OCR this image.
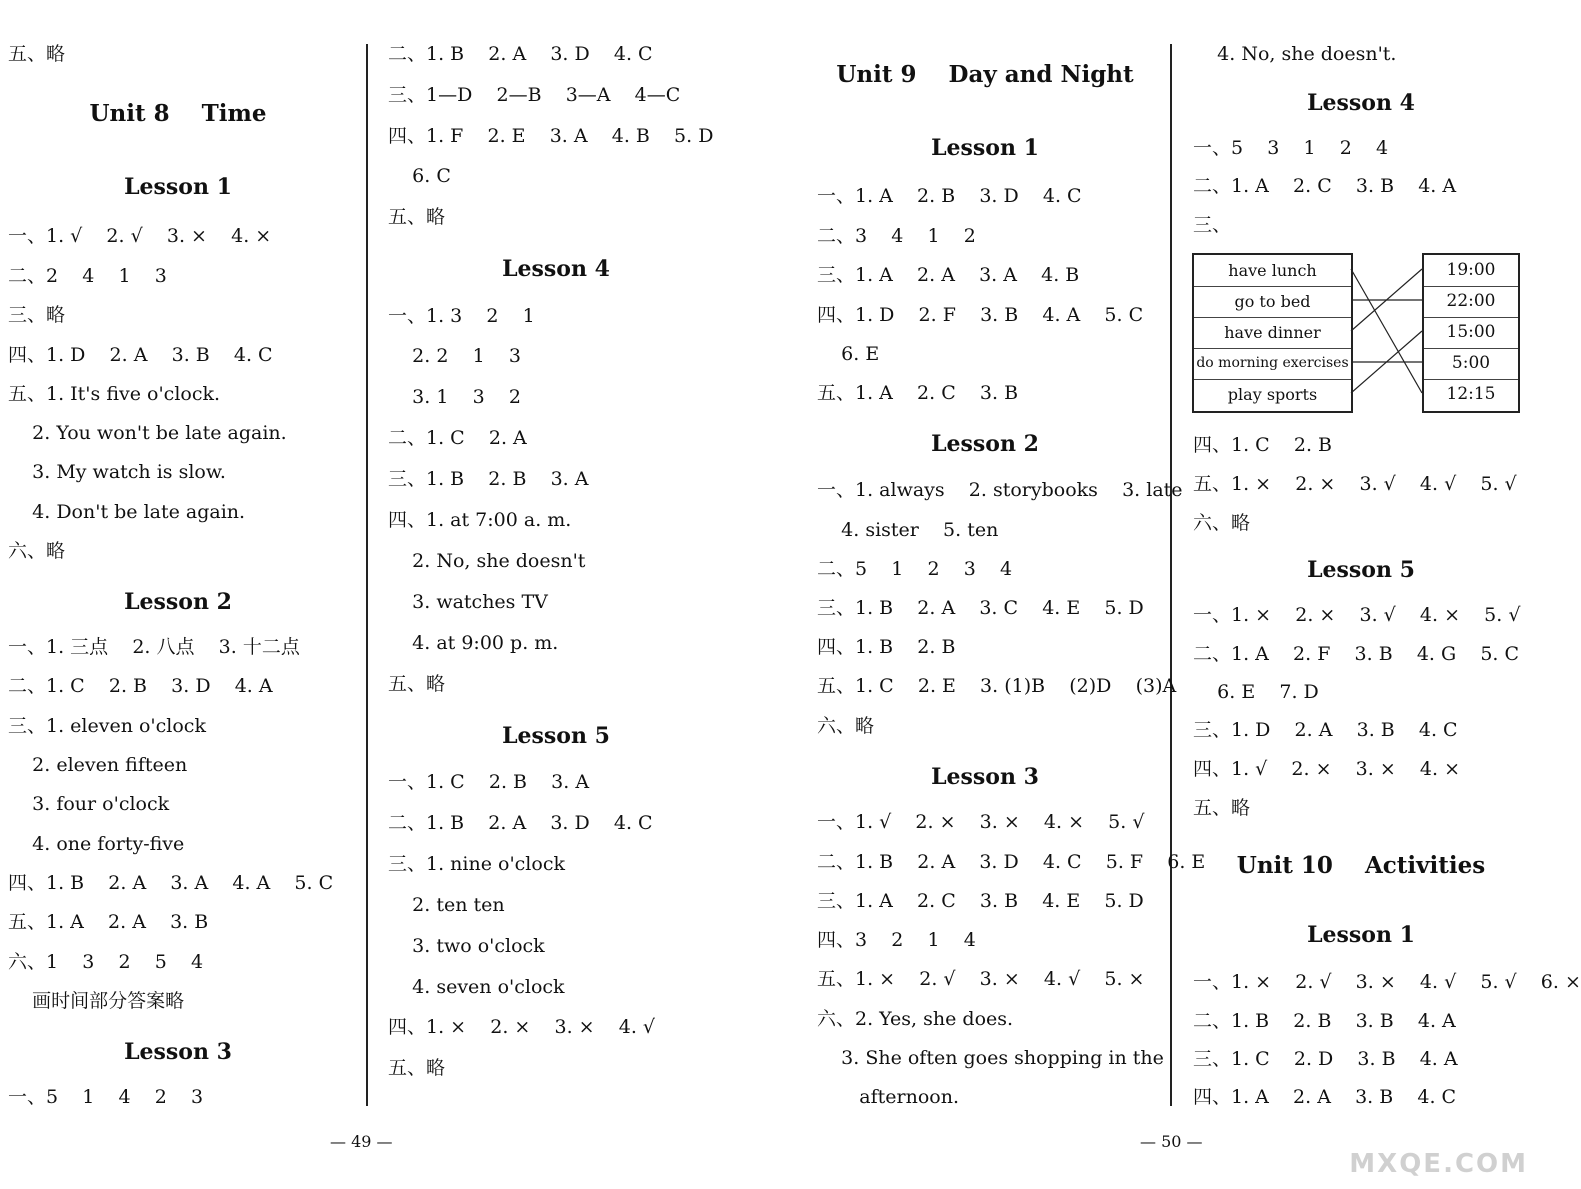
— 49 —	— 50 —
have lunch
go to bed
have dinner
do morning exercises
play sports
19:00
22:00
15:00
5:00
12:15
MXQE.COM
五、略
Unit 8    Time
Lesson 1
一、1. √    2. √    3. ×    4. ×
二、2    4    1    3
三、略
四、1. D    2. A    3. B    4. C
五、1. It's five o'clock.
2. You won't be late again.
3. My watch is slow.
4. Don't be late again.
六、略
Lesson 2
一、1. 三点    2. 八点    3. 十二点
二、1. C    2. B    3. D    4. A
三、1. eleven o'clock
2. eleven fifteen
3. four o'clock
4. one forty-five
四、1. B    2. A    3. A    4. A    5. C
五、1. A    2. A    3. B
六、1    3    2    5    4
画时间部分答案略
Lesson 3
一、5    1    4    2    3
二、1. B    2. A    3. D    4. C
三、1—D    2—B    3—A    4—C
四、1. F    2. E    3. A    4. B    5. D
6. C
五、略
Lesson 4
一、1. 3    2    1
2. 2    1    3
3. 1    3    2
二、1. C    2. A
三、1. B    2. B    3. A
四、1. at 7:00 a. m.
2. No, she doesn't
3. watches TV
4. at 9:00 p. m.
五、略
Lesson 5
一、1. C    2. B    3. A
二、1. B    2. A    3. D    4. C
三、1. nine o'clock
2. ten ten
3. two o'clock
4. seven o'clock
四、1. ×    2. ×    3. ×    4. √
五、略
Unit 9    Day and Night
Lesson 1
一、1. A    2. B    3. D    4. C
二、3    4    1    2
三、1. A    2. A    3. A    4. B
四、1. D    2. F    3. B    4. A    5. C
6. E
五、1. A    2. C    3. B
Lesson 2
一、1. always    2. storybooks    3. late
4. sister    5. ten
二、5    1    2    3    4
三、1. B    2. A    3. C    4. E    5. D
四、1. B    2. B
五、1. C    2. E    3. (1)B    (2)D    (3)A
六、略
Lesson 3
一、1. √    2. ×    3. ×    4. ×    5. √
二、1. B    2. A    3. D    4. C    5. F    6. E
三、1. A    2. C    3. B    4. E    5. D
四、3    2    1    4
五、1. ×    2. √    3. ×    4. √    5. ×
六、2. Yes, she does.
3. She often goes shopping in the
afternoon.
4. No, she doesn't.
Lesson 4
一、5    3    1    2    4
二、1. A    2. C    3. B    4. A
三、
四、1. C    2. B
五、1. ×    2. ×    3. √    4. √    5. √
六、略
Lesson 5
一、1. ×    2. ×    3. √    4. ×    5. √
二、1. A    2. F    3. B    4. G    5. C
6. E    7. D
三、1. D    2. A    3. B    4. C
四、1. √    2. ×    3. ×    4. ×
五、略
Unit 10    Activities
Lesson 1
一、1. ×    2. √    3. ×    4. √    5. √    6. ×
二、1. B    2. B    3. B    4. A
三、1. C    2. D    3. B    4. A
四、1. A    2. A    3. B    4. C
